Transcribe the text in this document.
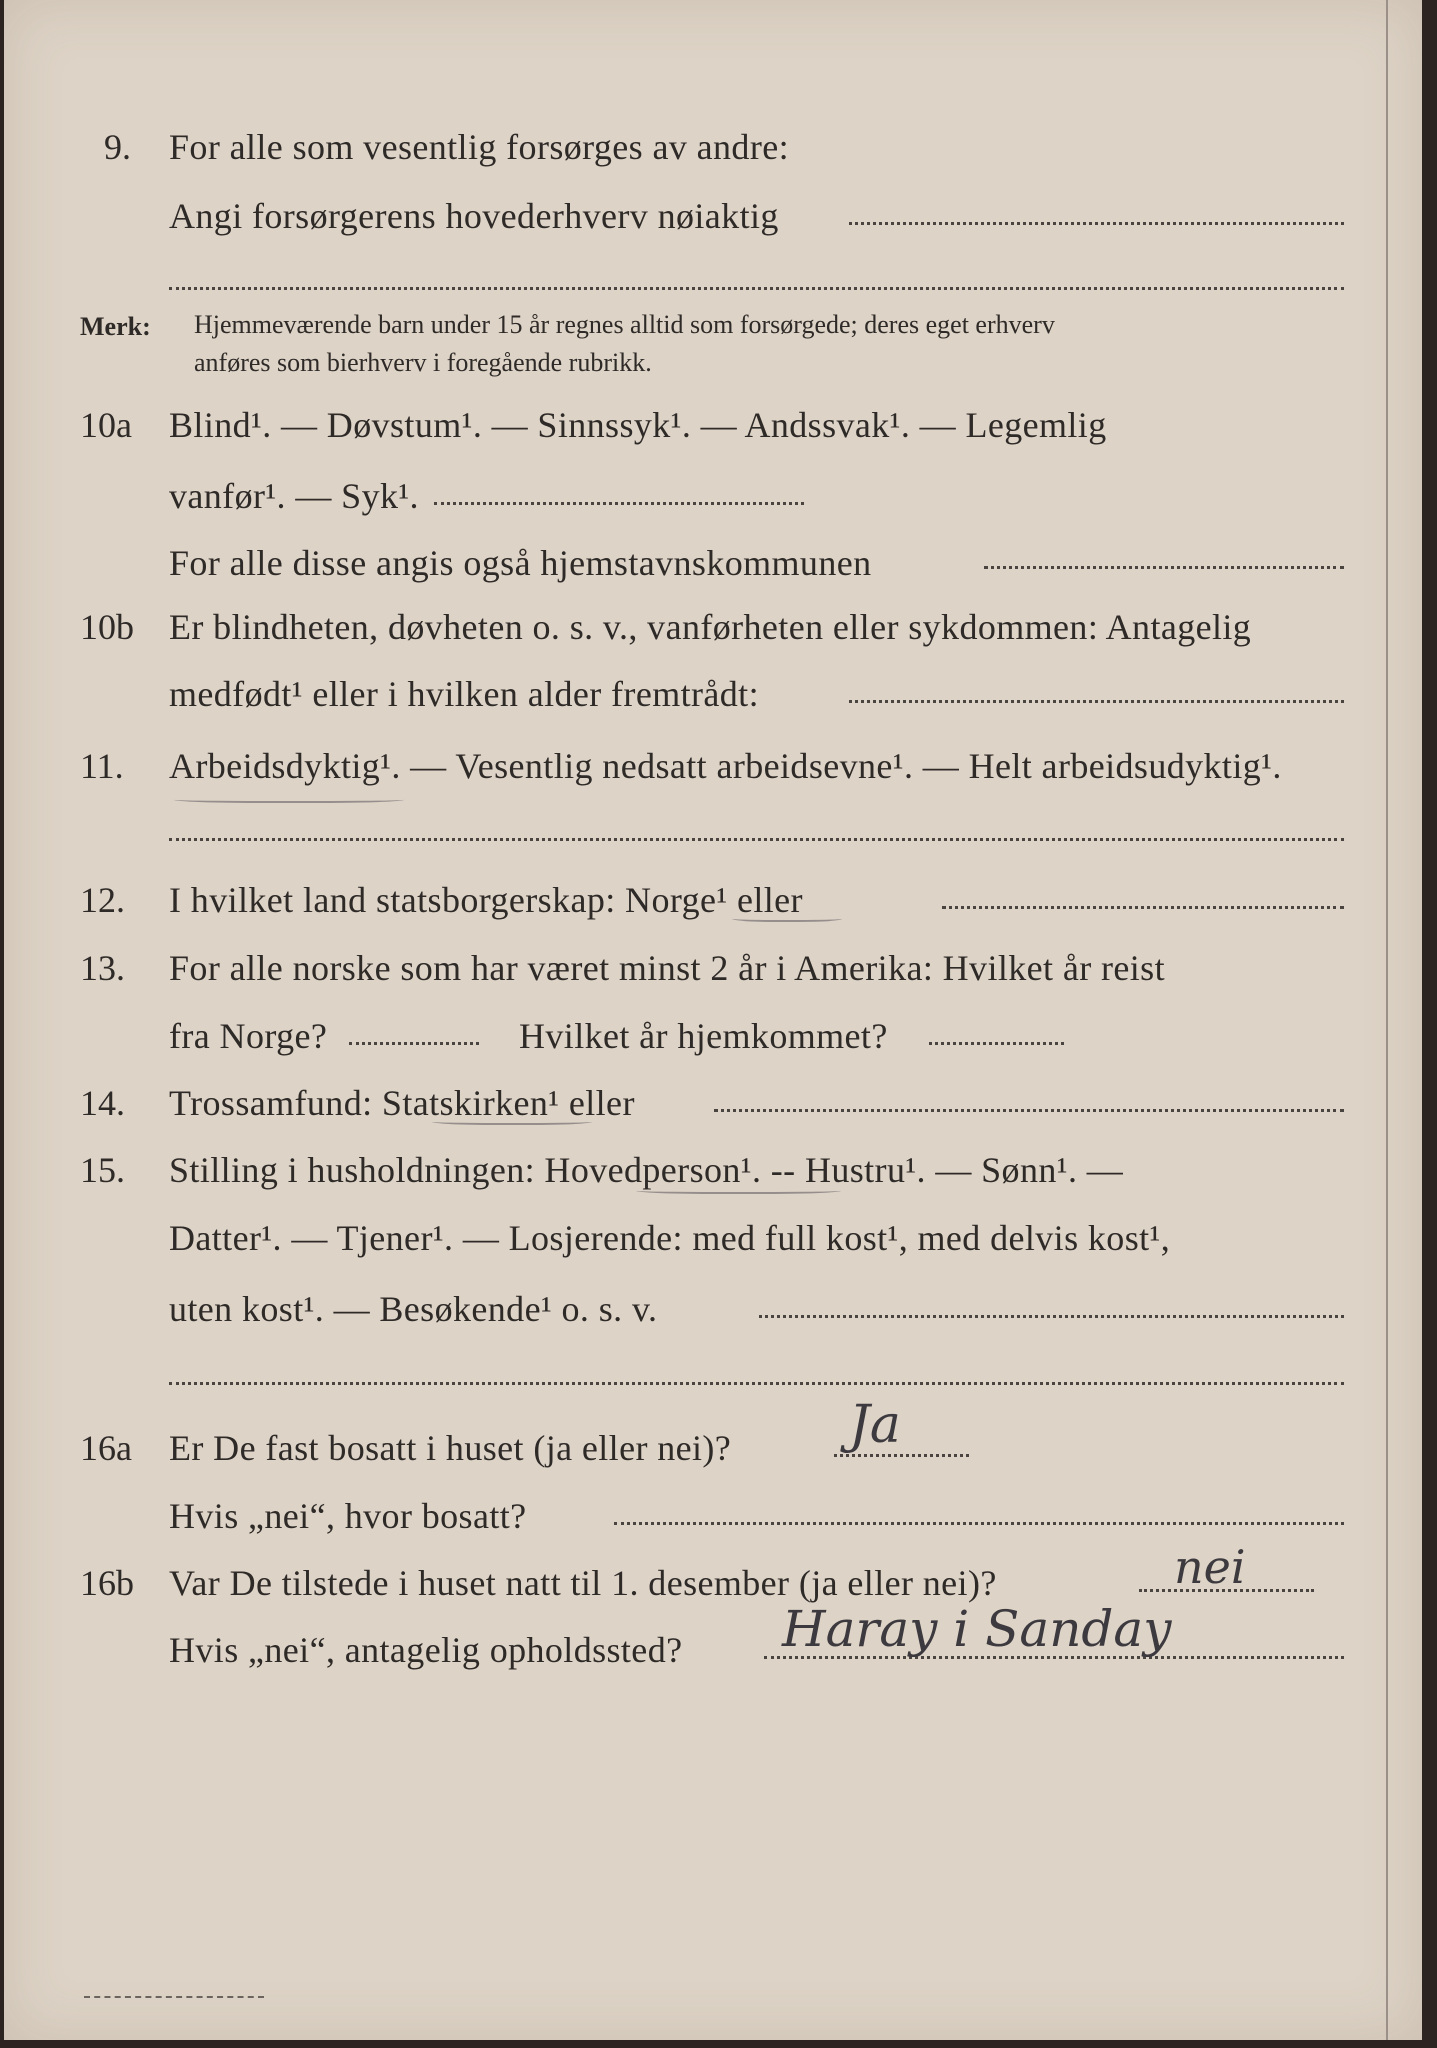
9. For alle som vesentlig forsørges av andre:
Angi forsørgerens hovederhverv nøiaktig
Merk: Hjemmeværende barn under 15 år regnes alltid som forsørgede; deres eget erhverv
anføres som bierhverv i foregående rubrikk.
10a Blind¹. — Døvstum¹. — Sinnssyk¹. — Andssvak¹. — Legemlig
vanfør¹. — Syk¹.
For alle disse angis også hjemstavnskommunen
10b Er blindheten, døvheten o. s. v., vanførheten eller sykdommen: Antagelig
medfødt¹ eller i hvilken alder fremtrådt:
11. Arbeidsdyktig¹. — Vesentlig nedsatt arbeidsevne¹. — Helt arbeidsudyktig¹.
12. I hvilket land statsborgerskap: Norge¹ eller
13. For alle norske som har været minst 2 år i Amerika: Hvilket år reist
fra Norge?	Hvilket år hjemkommet?
14. Trossamfund: Statskirken¹ eller
15. Stilling i husholdningen: Hovedperson¹. -- Hustru¹. — Sønn¹. —
Datter¹. — Tjener¹. — Losjerende: med full kost¹, med delvis kost¹,
uten kost¹. — Besøkende¹ o. s. v.
16a Er De fast bosatt i huset (ja eller nei)? Ja
Hvis „nei“, hvor bosatt?
16b Var De tilstede i huset natt til 1. desember (ja eller nei)?	nei
Hvis „nei“, antagelig opholdssted? Haray i Sanday
